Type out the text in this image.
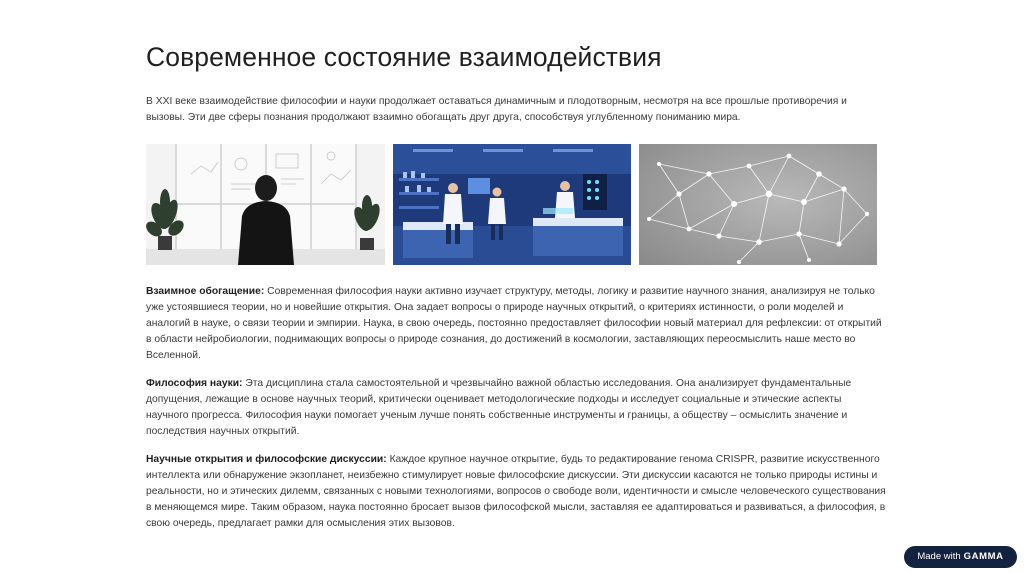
Современное состояние взаимодействия

В XXI веке взаимодействие философии и науки продолжает оставаться динамичным и плодотворным, несмотря на все прошлые противоречия и вызовы. Эти две сферы познания продолжают взаимно обогащать друг друга, способствуя углубленному пониманию мира.

Взаимное обогащение: Современная философия науки активно изучает структуру, методы, логику и развитие научного знания, анализируя не только уже устоявшиеся теории, но и новейшие открытия. Она задает вопросы о природе научных открытий, о критериях истинности, о роли моделей и аналогий в науке, о связи теории и эмпирии. Наука, в свою очередь, постоянно предоставляет философии новый материал для рефлексии: от открытий в области нейробиологии, поднимающих вопросы о природе сознания, до достижений в космологии, заставляющих переосмыслить наше место во Вселенной.

Философия науки: Эта дисциплина стала самостоятельной и чрезвычайно важной областью исследования. Она анализирует фундаментальные допущения, лежащие в основе научных теорий, критически оценивает методологические подходы и исследует социальные и этические аспекты научного прогресса. Философия науки помогает ученым лучше понять собственные инструменты и границы, а обществу – осмыслить значение и последствия научных открытий.

Научные открытия и философские дискуссии: Каждое крупное научное открытие, будь то редактирование генома CRISPR, развитие искусственного интеллекта или обнаружение экзопланет, неизбежно стимулирует новые философские дискуссии. Эти дискуссии касаются не только природы истины и реальности, но и этических дилемм, связанных с новыми технологиями, вопросов о свободе воли, идентичности и смысле человеческого существования в меняющемся мире. Таким образом, наука постоянно бросает вызов философской мысли, заставляя ее адаптироваться и развиваться, а философия, в свою очередь, предлагает рамки для осмысления этих вызовов.

Made with GAMMA
